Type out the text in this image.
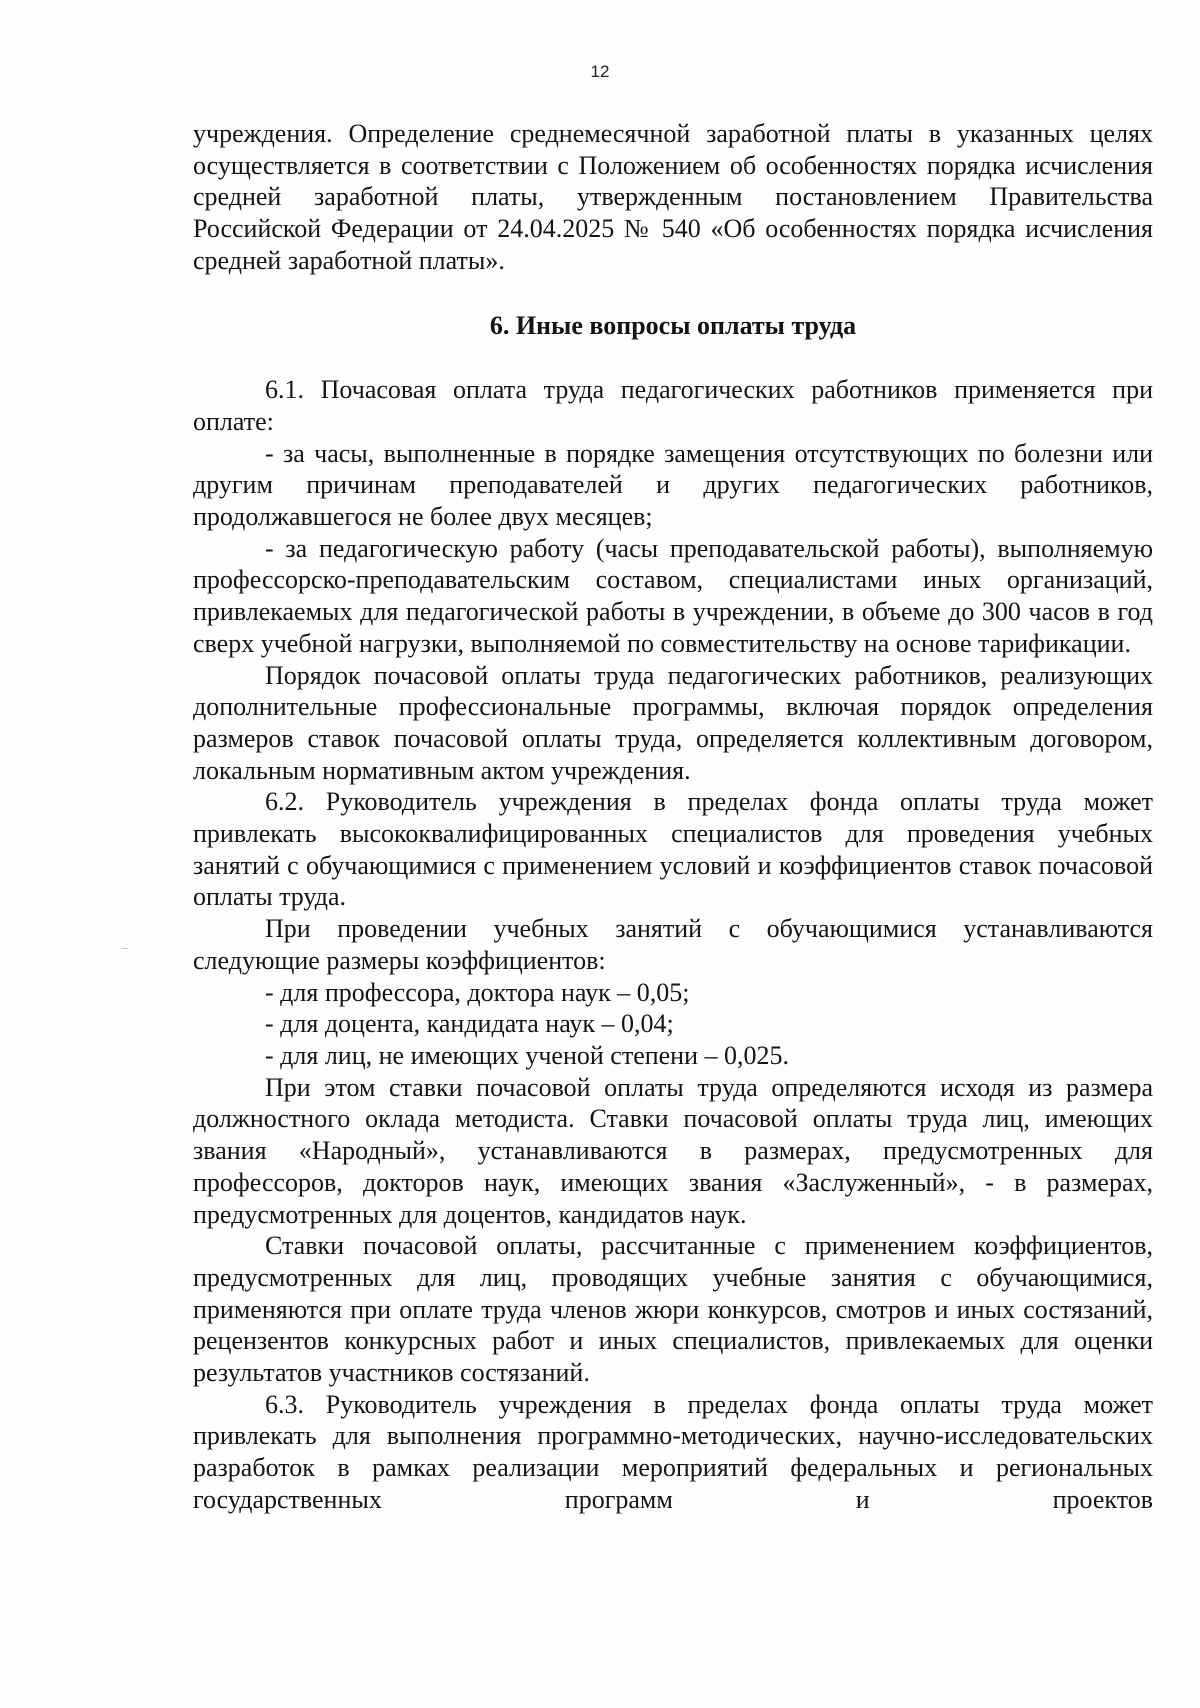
12

учреждения. Определение среднемесячной заработной платы в указанных целях осуществляется в соответствии с Положением об особенностях порядка исчисления средней заработной платы, утвержденным постановлением Правительства Российской Федерации от 24.04.2025 № 540 «Об особенностях порядка исчисления средней заработной платы».

6. Иные вопросы оплаты труда

6.1. Почасовая оплата труда педагогических работников применяется при оплате:

- за часы, выполненные в порядке замещения отсутствующих по болезни или другим причинам преподавателей и других педагогических работников, продолжавшегося не более двух месяцев;

- за педагогическую работу (часы преподавательской работы), выполняемую профессорско-преподавательским составом, специалистами иных организаций, привлекаемых для педагогической работы в учреждении, в объеме до 300 часов в год сверх учебной нагрузки, выполняемой по совместительству на основе тарификации.

Порядок почасовой оплаты труда педагогических работников, реализующих дополнительные профессиональные программы, включая порядок определения размеров ставок почасовой оплаты труда, определяется коллективным договором, локальным нормативным актом учреждения.

6.2. Руководитель учреждения в пределах фонда оплаты труда может привлекать высококвалифицированных специалистов для проведения учебных занятий с обучающимися с применением условий и коэффициентов ставок почасовой оплаты труда.

При проведении учебных занятий с обучающимися устанавливаются следующие размеры коэффициентов:

- для профессора, доктора наук – 0,05;

- для доцента, кандидата наук – 0,04;

- для лиц, не имеющих ученой степени – 0,025.

При этом ставки почасовой оплаты труда определяются исходя из размера должностного оклада методиста. Ставки почасовой оплаты труда лиц, имеющих звания «Народный», устанавливаются в размерах, предусмотренных для профессоров, докторов наук, имеющих звания «Заслуженный», - в размерах, предусмотренных для доцентов, кандидатов наук.

Ставки почасовой оплаты, рассчитанные с применением коэффициентов, предусмотренных для лиц, проводящих учебные занятия с обучающимися, применяются при оплате труда членов жюри конкурсов, смотров и иных состязаний, рецензентов конкурсных работ и иных специалистов, привлекаемых для оценки результатов участников состязаний.

6.3. Руководитель учреждения в пределах фонда оплаты труда может привлекать для выполнения программно-методических, научно-исследовательских разработок в рамках реализации мероприятий федеральных и региональных государственных программ и проектов
